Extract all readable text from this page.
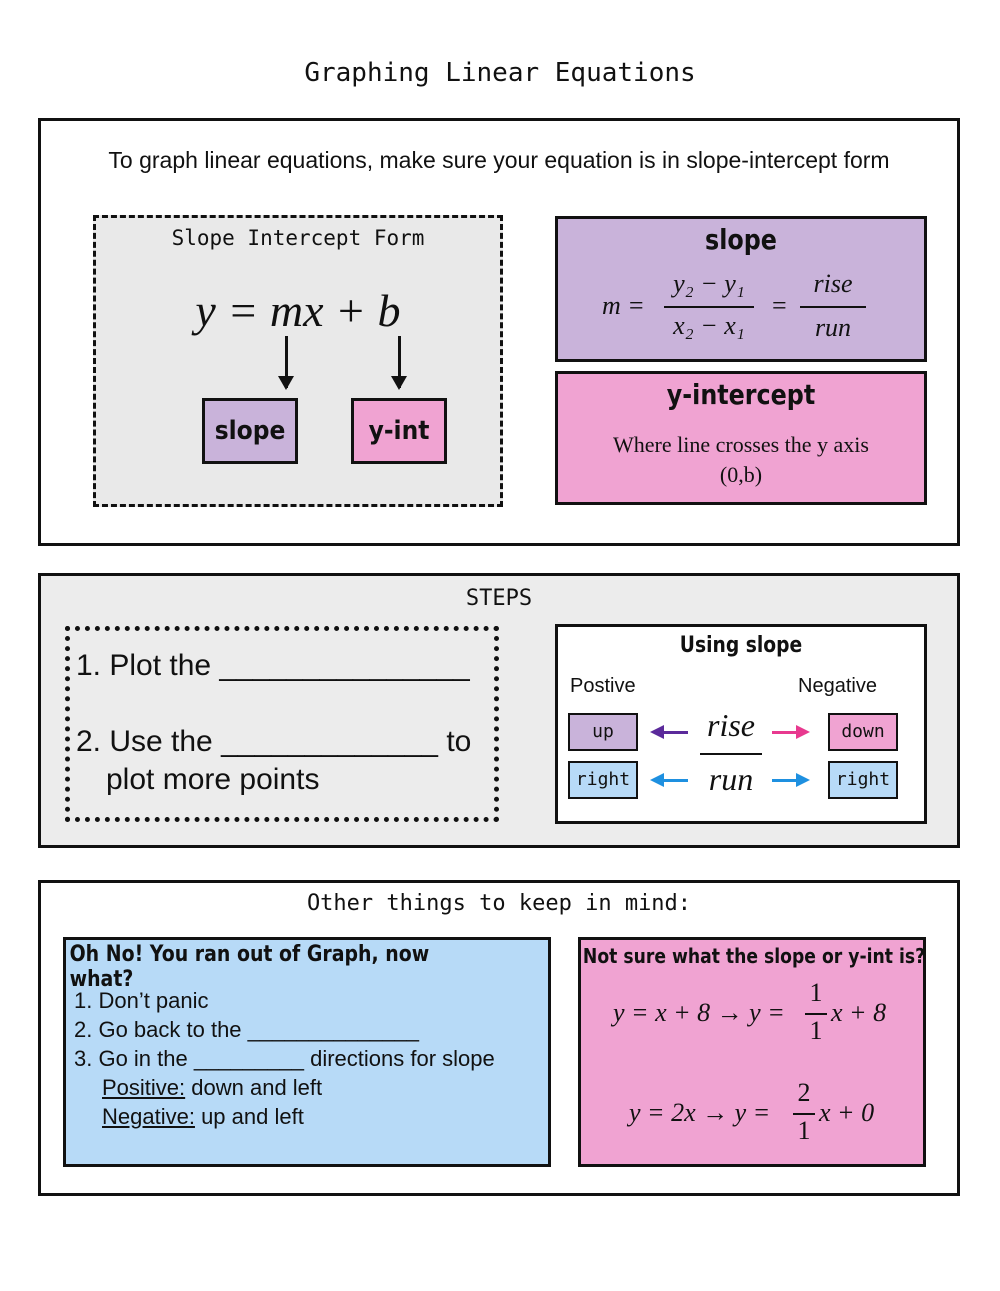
Graphing Linear Equations
To graph linear equations, make sure your equation is in slope-intercept form
Slope Intercept Form
y = mx + b
slope	y-int
slope
m =
y₂ − y₁
x₂ − x₁
=
rise
run
y-intercept
Where line crosses the y axis
(0,b)
STEPS
1. Plot the _______________
2. Use the _____________ to
plot more points
Using slope
Postive	Negative
up
right
down
right
rise
run
Other things to keep in mind:
Oh No! You ran out of Graph, now what?
1. Don’t panic
2. Go back to the ______________
3. Go in the _________ directions for slope
Positive: down and left
Negative: up and left
Not sure what the slope or y-int is?
y = x + 8 → y =
1
1
x + 8
y = 2x → y =
2
1
x + 0
